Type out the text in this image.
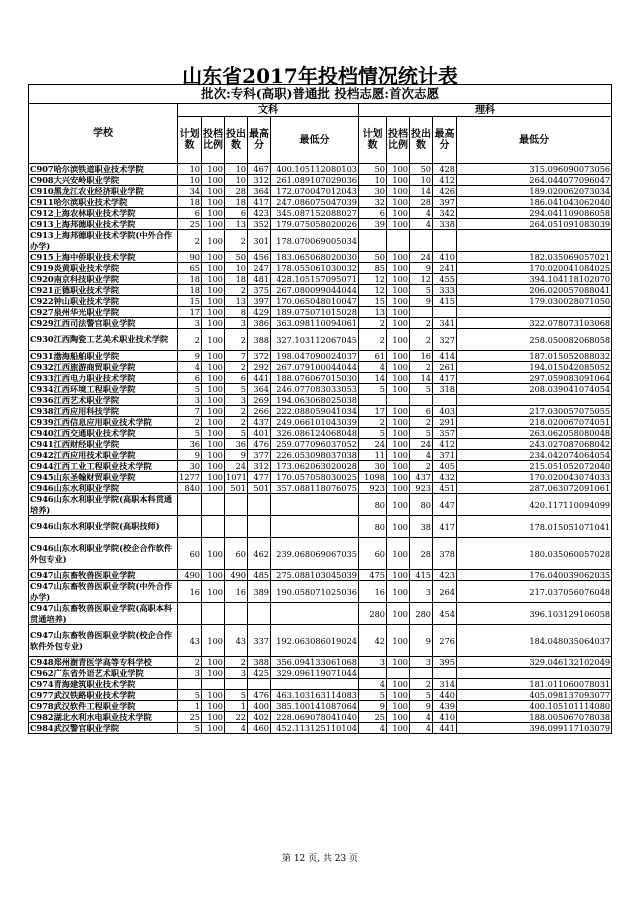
山东省2017年投档情况统计表
批次:专科(高职)普通批 投档志愿:首次志愿										
学校	文科					理科				
	计划数	投档比例	投出数	最高分	最低分	计划数	投档比例	投出数	最高分	最低分
C907哈尔滨铁道职业技术学院	10	100	10	467	400.105112080103	50	100	50	428	315.096090073056
C908大兴安岭职业学院	10	100	10	312	261.089107029036	10	100	10	412	264.044077096047
C910黑龙江农业经济职业学院	34	100	28	364	172.070047012043	30	100	14	426	189.020062073034
C911哈尔滨职业技术学院	18	100	18	417	247.086075047039	32	100	28	397	186.041043062040
C912上海农林职业技术学院	6	100	6	423	345.087152088027	6	100	4	342	294.041109086058
C913上海邦德职业技术学院	25	100	13	352	179.075058020026	39	100	4	338	264.051091083039
C913上海邦德职业技术学院(中外合作办学)	2	100	2	301	178.070069005034					
C915上海中侨职业技术学院	90	100	50	456	183.065068020030	50	100	24	410	182.035069057021
C919炎黄职业技术学院	65	100	10	247	178.055061030032	85	100	9	241	170.020041084025
C920南京科技职业学院	18	100	18	481	428.105157095071	12	100	12	455	394.104118102070
C921正德职业技术学院	18	100	2	375	267.080099044044	12	100	5	333	206.020057088041
C922钟山职业技术学院	15	100	13	397	170.065048010047	15	100	9	415	179.030028071050
C927泉州华光职业学院	17	100	8	429	189.075071015028	13	100			
C929江西司法警官职业学院	3	100	3	386	363.098110094061	2	100	2	341	322.078073103068
C930江西陶瓷工艺美术职业技术学院	2	100	2	388	327.103112067045	2	100	2	327	258.050082068058
C931渤海船舶职业学院	9	100	7	372	198.047090024037	61	100	16	414	187.015052088032
C932江西旅游商贸职业学院	4	100	2	292	267.079100044044	4	100	2	261	194.015042085052
C933江西电力职业技术学院	6	100	6	441	188.076067015030	14	100	14	417	297.059083091064
C934江西环境工程职业学院	5	100	5	364	246.077083033053	5	100	5	318	208.039041074054
C936江西艺术职业学院	3	100	3	269	194.063068025038					
C938江西应用科技学院	7	100	2	266	222.088059041034	17	100	6	403	217.030057075055
C939江西信息应用职业技术学院	2	100	2	437	249.066101043039	2	100	2	291	218.020067074051
C940江西交通职业技术学院	5	100	5	401	326.086124068048	5	100	5	357	263.062058080048
C941江西财经职业学院	36	100	36	476	259.077096037052	24	100	24	412	243.027087068042
C942江西应用技术职业学院	9	100	9	377	226.053098037038	11	100	4	371	234.042074064054
C944江西工业工程职业技术学院	30	100	24	312	173.062063020028	30	100	2	405	215.051052072040
C945山东圣翰财贸职业学院	1277	100	1071	477	170.057058030025	1098	100	437	432	170.020043074033
C946山东水利职业学院	840	100	501	501	357.088118076075	923	100	923	451	287.063072091061
C946山东水利职业学院(高职本科贯通培养)						80	100	80	447	420.117110094099
C946山东水利职业学院(高职技师)						80	100	38	417	178.015051071041
C946山东水利职业学院(校企合作软件外包专业)	60	100	60	462	239.068069067035	60	100	28	378	180.035060057028
C947山东畜牧兽医职业学院	490	100	490	485	275.088103045039	475	100	415	423	176.040039062035
C947山东畜牧兽医职业学院(中外合作办学)	16	100	16	389	190.058071025036	16	100	3	264	217.037056076048
C947山东畜牧兽医职业学院(高职本科贯通培养)						280	100	280	454	396.103129106058
C947山东畜牧兽医职业学院(校企合作软件外包专业)	43	100	43	337	192.063086019024	42	100	9	276	184.048035064037
C948郑州澍青医学高等专科学校	2	100	2	388	356.094133061068	3	100	3	395	329.046132102049
C962广东省外语艺术职业学院	3	100	3	425	329.096119071044					
C974青海建筑职业技术学院						4	100	2	314	181.011060078031
C977武汉铁路职业技术学院	5	100	5	476	463.103163114083	5	100	5	440	405.098137093077
C978武汉软件工程职业学院	1	100	1	400	385.100141087064	9	100	9	439	400.105101114080
C982湖北水利水电职业技术学院	25	100	22	402	228.069078041040	25	100	4	410	188.005067078038
C984武汉警官职业学院	5	100	4	460	452.113125110104	4	100	4	441	398.099117103079
第 12 页, 共 23 页
